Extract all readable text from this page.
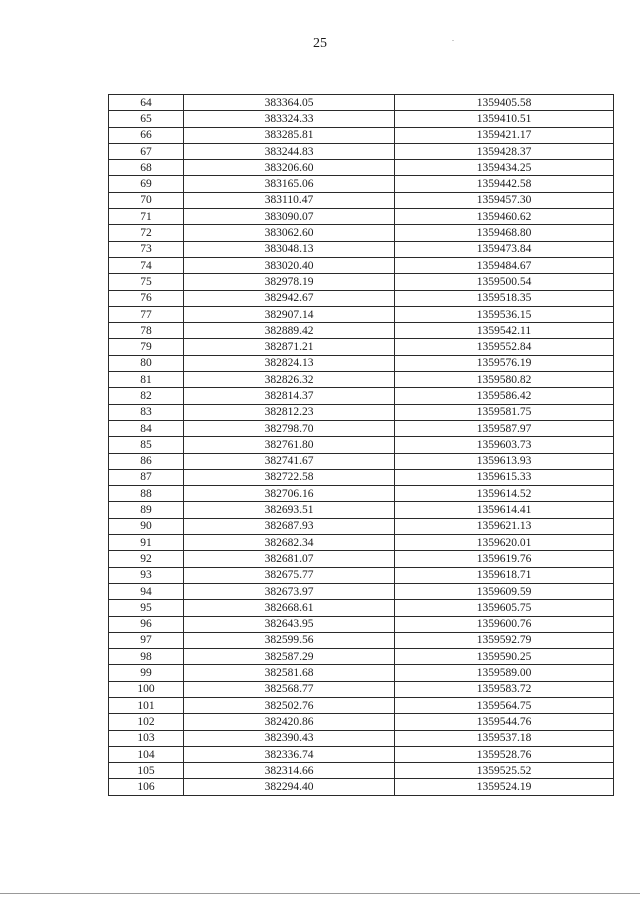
25
64	383364.05	1359405.58
65	383324.33	1359410.51
66	383285.81	1359421.17
67	383244.83	1359428.37
68	383206.60	1359434.25
69	383165.06	1359442.58
70	383110.47	1359457.30
71	383090.07	1359460.62
72	383062.60	1359468.80
73	383048.13	1359473.84
74	383020.40	1359484.67
75	382978.19	1359500.54
76	382942.67	1359518.35
77	382907.14	1359536.15
78	382889.42	1359542.11
79	382871.21	1359552.84
80	382824.13	1359576.19
81	382826.32	1359580.82
82	382814.37	1359586.42
83	382812.23	1359581.75
84	382798.70	1359587.97
85	382761.80	1359603.73
86	382741.67	1359613.93
87	382722.58	1359615.33
88	382706.16	1359614.52
89	382693.51	1359614.41
90	382687.93	1359621.13
91	382682.34	1359620.01
92	382681.07	1359619.76
93	382675.77	1359618.71
94	382673.97	1359609.59
95	382668.61	1359605.75
96	382643.95	1359600.76
97	382599.56	1359592.79
98	382587.29	1359590.25
99	382581.68	1359589.00
100	382568.77	1359583.72
101	382502.76	1359564.75
102	382420.86	1359544.76
103	382390.43	1359537.18
104	382336.74	1359528.76
105	382314.66	1359525.52
106	382294.40	1359524.19
